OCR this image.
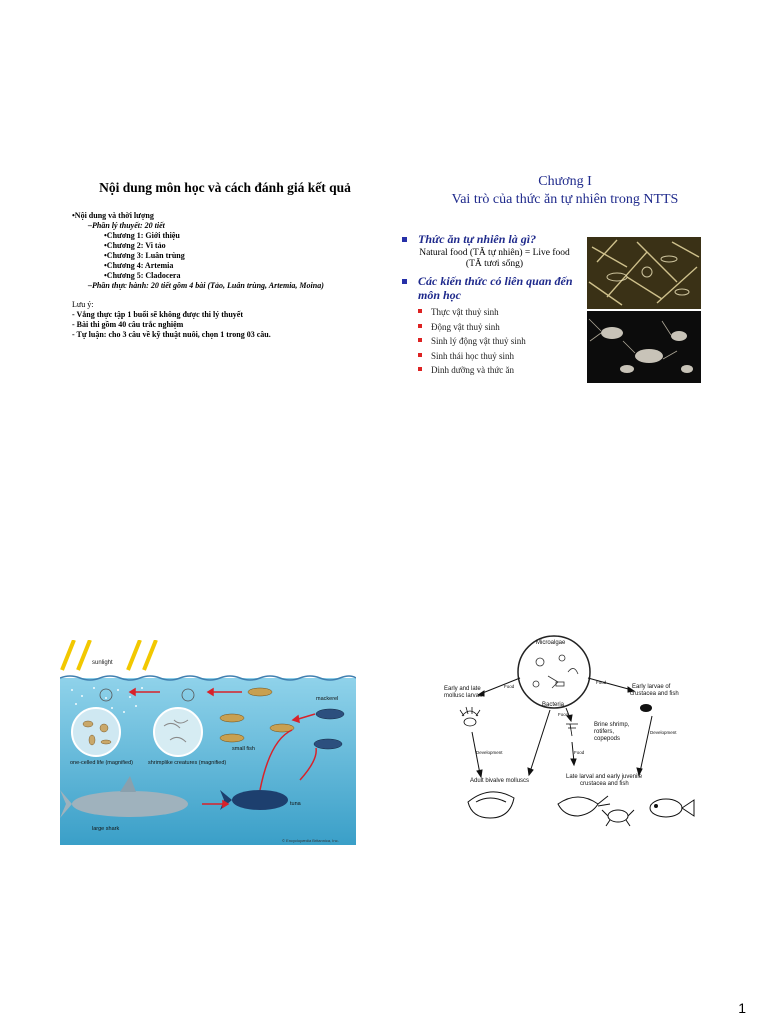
Nội dung môn học và cách đánh giá kết quả
•Nội dung và thời lượng
–Phần lý thuyết: 20 tiết
•Chương 1: Giới thiệu
•Chương 2: Vi tảo
•Chương 3: Luân trùng
•Chương 4: Artemia
•Chương 5: Cladocera
–Phần thực hành: 20 tiết gồm 4 bài (Tảo, Luân trùng, Artemia, Moina)
Lưu ý:
- Vắng thực tập 1 buổi sẽ không được thi lý thuyết
- Bài thi gồm 40 câu trắc nghiệm
- Tự luận: cho 3 câu về kỹ thuật nuôi, chọn 1 trong 03 câu.
Chương I
Vai trò của thức ăn tự nhiên trong NTTS
Thức ăn tự nhiên là gì?
Natural food (TĂ tự nhiên) = Live food
(TĂ tươi sống)
Các kiến thức có liên quan đến môn học
Thực vật thuỷ sinh
Động vật thuỷ sinh
Sinh lý động vật thuỷ sinh
Sinh thái học thuỷ sinh
Dinh dưỡng và thức ăn
sunlight
one-celled life (magnified)	shrimplike creatures (magnified)
small fish
mackerel
tuna
large shark
© Encyclopædia Britannica, Inc.
Microalgae
Bacteria
Food
Food
Food
Food
Early and late
mollusc larvae
Early larvae of
crustacea and fish
Brine shrimp,
rotifers,
copepods
Development
Development
Adult bivalve molluscs
Late larval and early juvenile
crustacea and fish
1
